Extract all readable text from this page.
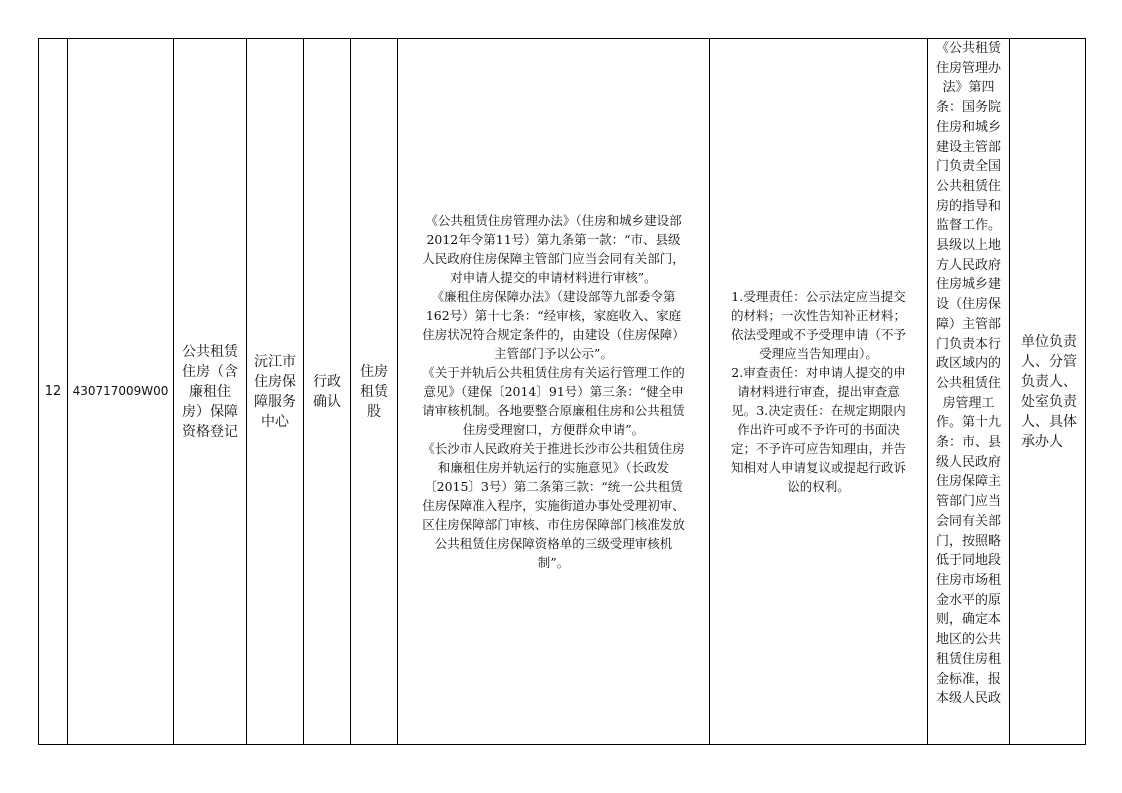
12 430717009W00
公共租赁
住房（含
廉租住
房）保障
资格登记
沅江市
住房保
障服务
中心
行政
确认
住房
租赁
股
《公共租赁住房管理办法》（住房和城乡建设部
2012年令第11号）第九条第一款：“市、县级
人民政府住房保障主管部门应当会同有关部门，
对申请人提交的申请材料进行审核”。
《廉租住房保障办法》（建设部等九部委令第
162号）第十七条：“经审核，家庭收入、家庭
住房状况符合规定条件的，由建设（住房保障）
主管部门予以公示”。
《关于并轨后公共租赁住房有关运行管理工作的
意见》（建保〔2014〕91号）第三条：“健全申
请审核机制。各地要整合原廉租住房和公共租赁
住房受理窗口，方便群众申请”。
《长沙市人民政府关于推进长沙市公共租赁住房
和廉租住房并轨运行的实施意见》（长政发
〔2015〕3号）第二条第三款：“统一公共租赁
住房保障准入程序，实施街道办事处受理初审、
区住房保障部门审核、市住房保障部门核准发放
公共租赁住房保障资格单的三级受理审核机
制”。
1.受理责任：公示法定应当提交
的材料；一次性告知补正材料；
依法受理或不予受理申请（不予
受理应当告知理由）。
2.审查责任：对申请人提交的申
请材料进行审查，提出审查意
见。3.决定责任：在规定期限内
作出许可或不予许可的书面决
定；不予许可应告知理由，并告
知相对人申请复议或提起行政诉
讼的权利。
《公共租赁
住房管理办
法》第四
条：国务院
住房和城乡
建设主管部
门负责全国
公共租赁住
房的指导和
监督工作。
县级以上地
方人民政府
住房城乡建
设（住房保
障）主管部
门负责本行
政区域内的
公共租赁住
房管理工
作。第十九
条：市、县
级人民政府
住房保障主
管部门应当
会同有关部
门，按照略
低于同地段
住房市场租
金水平的原
则，确定本
地区的公共
租赁住房租
金标准，报
本级人民政
单位负责
人、分管
负责人、
处室负责
人、具体
承办人
